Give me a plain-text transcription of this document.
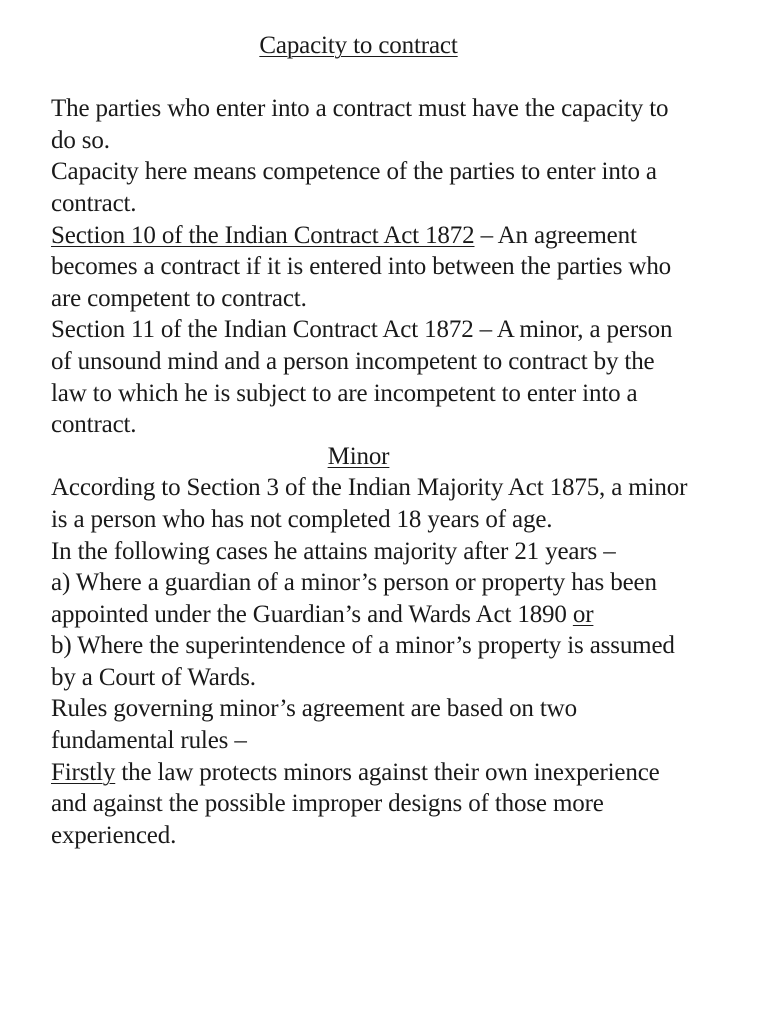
Capacity to contract

The parties who enter into a contract must have the capacity to do so.

Capacity here means competence of the parties to enter into a contract.

Section 10 of the Indian Contract Act 1872 – An agreement becomes a contract if it is entered into between the parties who are competent to contract.

Section 11 of the Indian Contract Act 1872 – A minor, a person of unsound mind and a person incompetent to contract by the law to which he is subject to are incompetent to enter into a contract.

Minor

According to Section 3 of the Indian Majority Act 1875, a minor is a person who has not completed 18 years of age.

In the following cases he attains majority after 21 years –

a) Where a guardian of a minor’s person or property has been appointed under the Guardian’s and Wards Act 1890 or

b) Where the superintendence of a minor’s property is assumed by a Court of Wards.

Rules governing minor’s agreement are based on two fundamental rules –

Firstly the law protects minors against their own inexperience and against the possible improper designs of those more experienced.
